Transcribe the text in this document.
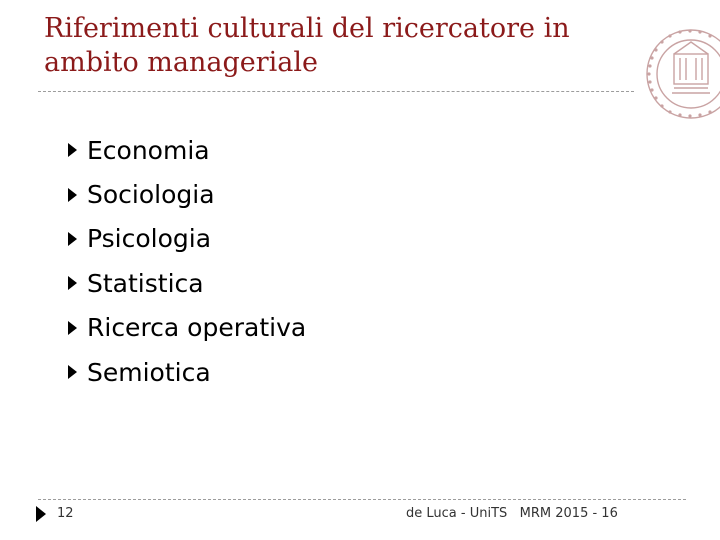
Riferimenti culturali del ricercatore in
ambito manageriale
Economia
Sociologia
Psicologia
Statistica
Ricerca operativa
Semiotica
12	de Luca - UniTS   MRM 2015 - 16
